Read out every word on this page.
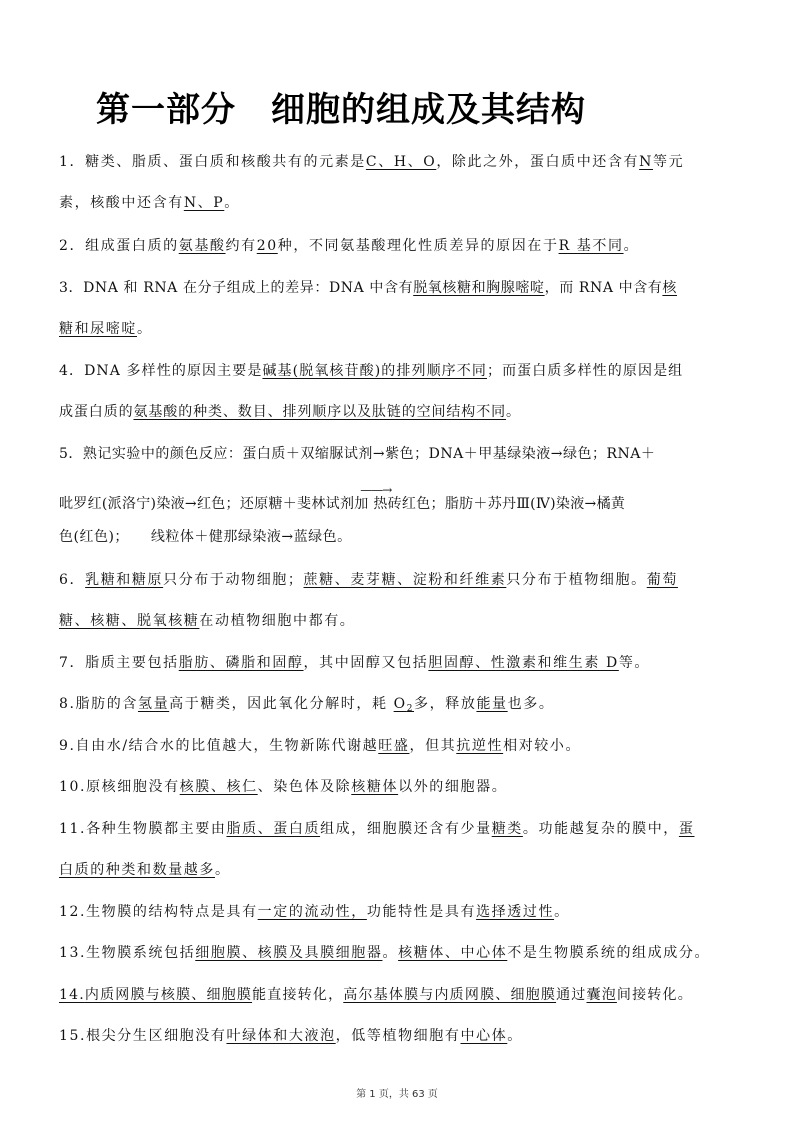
第一部分　细胞的组成及其结构
1．糖类、脂质、蛋白质和核酸共有的元素是C、H、O，除此之外，蛋白质中还含有N等元
素，核酸中还含有N、P。
2．组成蛋白质的氨基酸约有20种，不同氨基酸理化性质差异的原因在于R 基不同。
3．DNA 和 RNA 在分子组成上的差异：DNA 中含有脱氧核糖和胸腺嘧啶，而 RNA 中含有核
糖和尿嘧啶。
4．DNA 多样性的原因主要是碱基(脱氧核苷酸)的排列顺序不同；而蛋白质多样性的原因是组
成蛋白质的氨基酸的种类、数目、排列顺序以及肽链的空间结构不同。
5．熟记实验中的颜色反应：蛋白质＋双缩脲试剂→紫色；DNA＋甲基绿染液→绿色；RNA＋
吡罗红(派洛宁)染液→红色；还原糖＋斐林试剂
——→
加 热砖红色；脂肪＋苏丹Ⅲ(Ⅳ)染液→橘黄
色(红色)；　　线粒体＋健那绿染液→蓝绿色。
6．乳糖和糖原只分布于动物细胞；蔗糖、麦芽糖、淀粉和纤维素只分布于植物细胞。葡萄
糖、核糖、脱氧核糖在动植物细胞中都有。
7．脂质主要包括脂肪、磷脂和固醇，其中固醇又包括胆固醇、性激素和维生素 D等。
8.脂肪的含氢量高于糖类，因此氧化分解时，耗 $O_2$多，释放能量也多。
9.自由水/结合水的比值越大，生物新陈代谢越旺盛，但其抗逆性相对较小。
10.原核细胞没有核膜、核仁、染色体及除核糖体以外的细胞器。
11.各种生物膜都主要由脂质、蛋白质组成，细胞膜还含有少量糖类。功能越复杂的膜中，蛋
白质的种类和数量越多。
12.生物膜的结构特点是具有一定的流动性，功能特性是具有选择透过性。
13.生物膜系统包括细胞膜、核膜及具膜细胞器。核糖体、中心体不是生物膜系统的组成成分。
14.内质网膜与核膜、细胞膜能直接转化，高尔基体膜与内质网膜、细胞膜通过囊泡间接转化。
15.根尖分生区细胞没有叶绿体和大液泡，低等植物细胞有中心体。
第 1 页，共 63 页
